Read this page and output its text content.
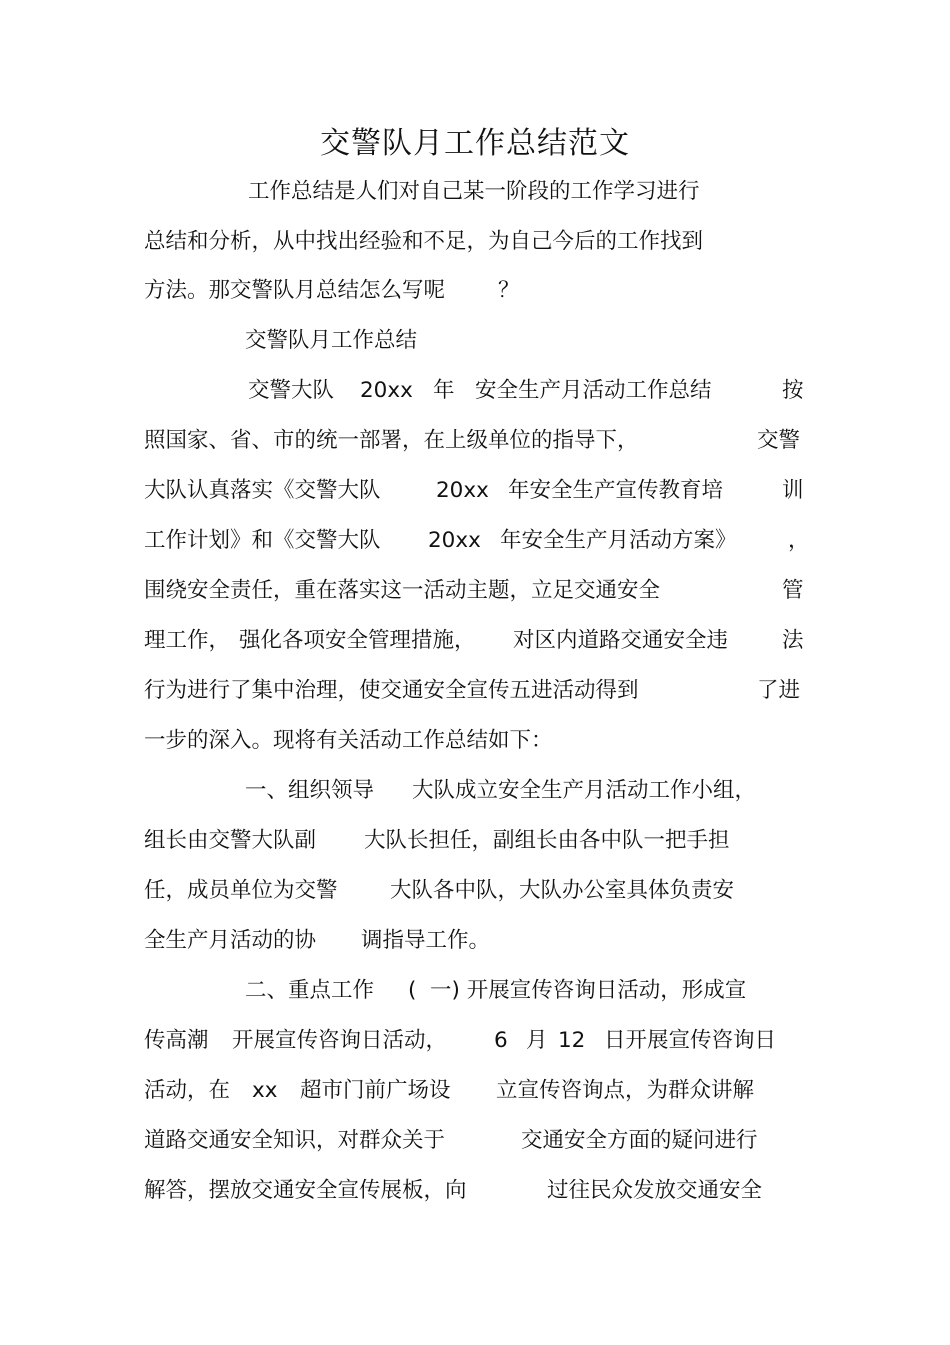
交警队月工作总结范文
工作总结是人们对自己某一阶段的工作学习进行
总结和分析，从中找出经验和不足，为自己今后的工作找到
方法。那交警队月总结怎么写呢 ？
交警队月工作总结
交警大队 20xx 年 安全生产月活动工作总结	按
照国家、省、市的统一部署，在上级单位的指导下，	交警
大队认真落实《交警大队	20xx 年安全生产宣传教育培	训
工作计划》和《交警大队 20xx 年安全生产月活动方案》 ，
围绕安全责任，重在落实这一活动主题，立足交通安全	管
理工作， 强化各项安全管理措施， 对区内道路交通安全违	法
行为进行了集中治理，使交通安全宣传五进活动得到	了进
一步的深入。现将有关活动工作总结如下：
一、组织领导 大队成立安全生产月活动工作小组，
组长由交警大队副 大队长担任，副组长由各中队一把手担
任，成员单位为交警 大队各中队，大队办公室具体负责安
全生产月活动的协 调指导工作。
二、重点工作 ( 一) 开展宣传咨询日活动，形成宣
传高潮 开展宣传咨询日活动， 6 月 12 日开展宣传咨询日
活动，在 xx 超市门前广场设 立宣传咨询点，为群众讲解
道路交通安全知识，对群众关于	交通安全方面的疑问进行
解答，摆放交通安全宣传展板，向	过往民众发放交通安全
